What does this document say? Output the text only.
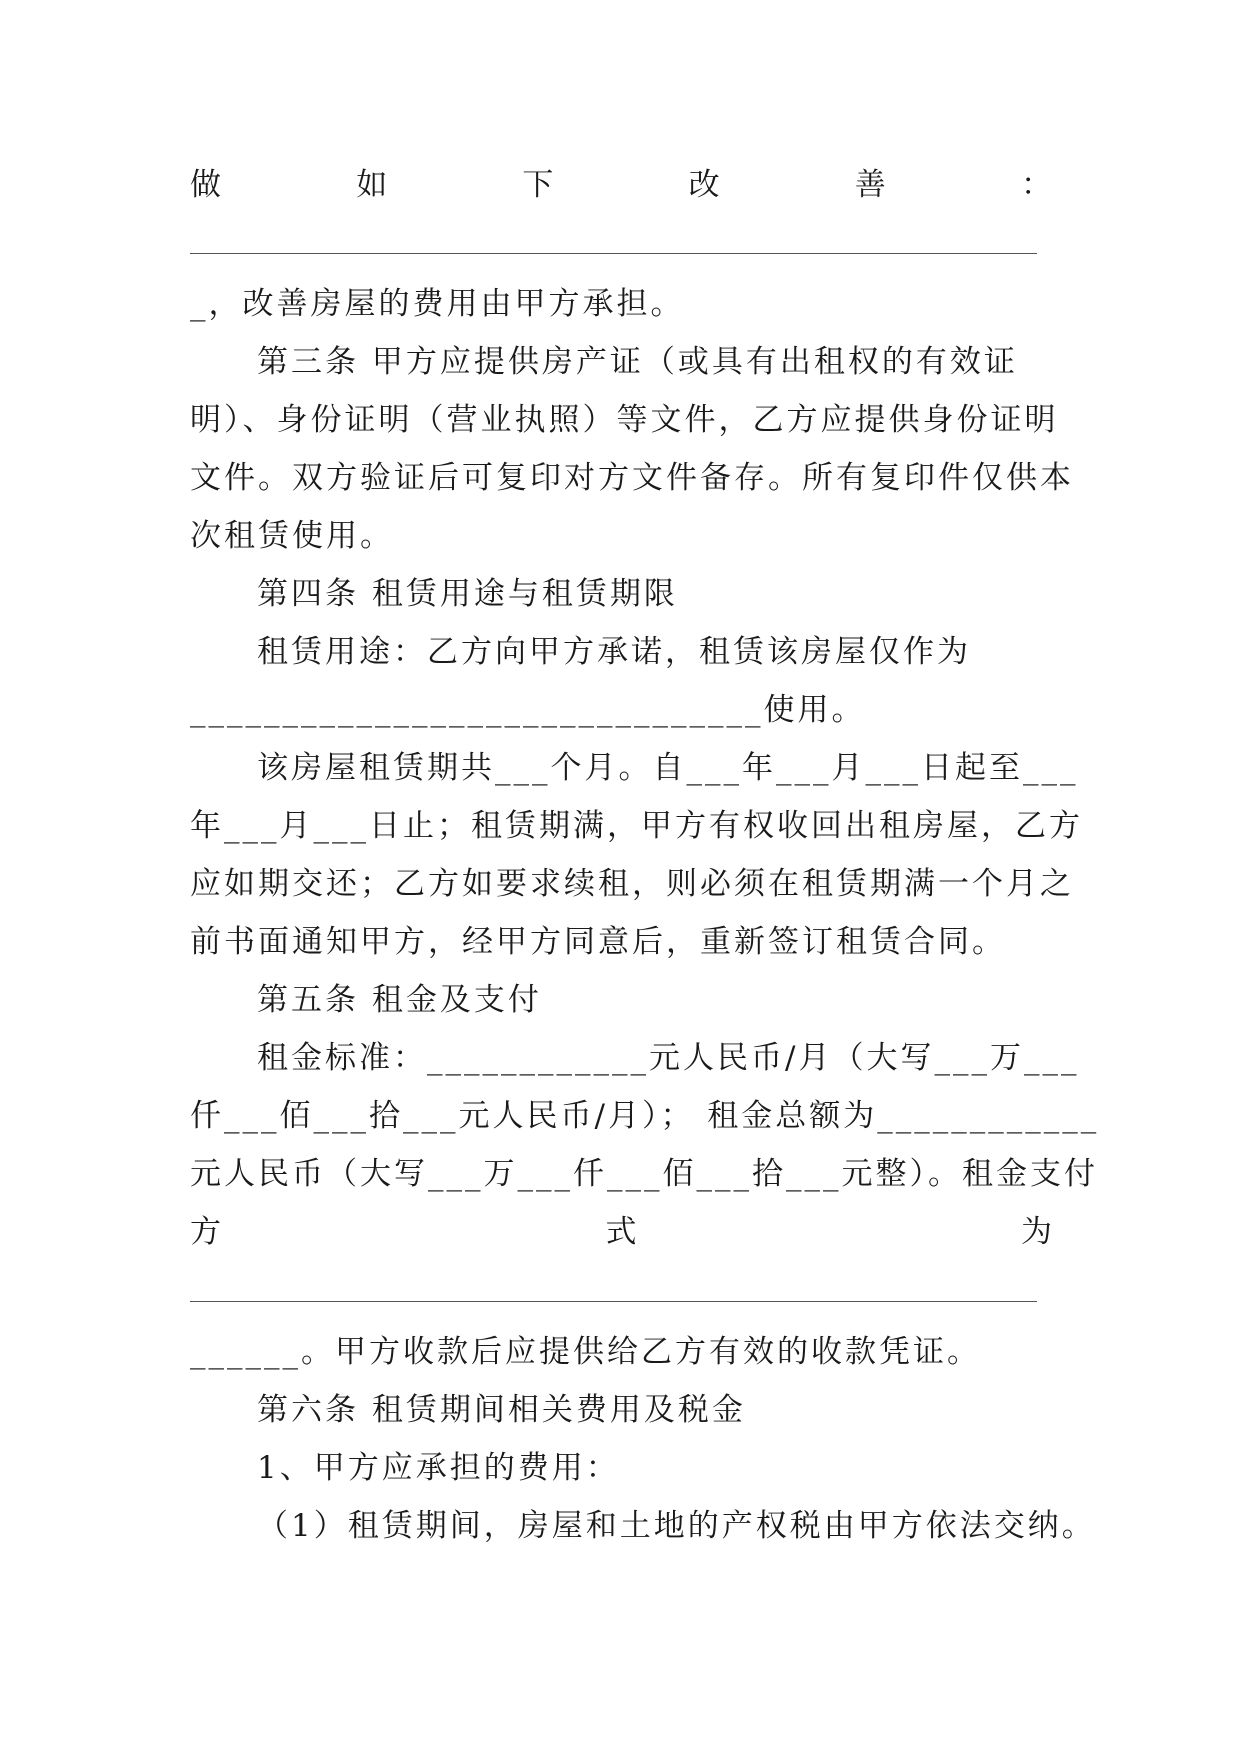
做	如	下	改	善	：
_，改善房屋的费用由甲方承担。
第三条 甲方应提供房产证（或具有出租权的有效证
明）、身份证明（营业执照）等文件，乙方应提供身份证明
文件。双方验证后可复印对方文件备存。所有复印件仅供本
次租赁使用。
第四条 租赁用途与租赁期限
租赁用途：乙方向甲方承诺，租赁该房屋仅作为
_______________________________使用。
该房屋租赁期共___个月。自___年___月___日起至___
年___月___日止；租赁期满，甲方有权收回出租房屋，乙方
应如期交还；乙方如要求续租，则必须在租赁期满一个月之
前书面通知甲方，经甲方同意后，重新签订租赁合同。
第五条 租金及支付
租金标准：____________元人民币/月（大写___万___
仟___佰___拾___元人民币/月）； 租金总额为____________
元人民币（大写___万___仟___佰___拾___元整）。租金支付
方	式	为
______。甲方收款后应提供给乙方有效的收款凭证。
第六条 租赁期间相关费用及税金
1、甲方应承担的费用：
（1）租赁期间，房屋和土地的产权税由甲方依法交纳。
